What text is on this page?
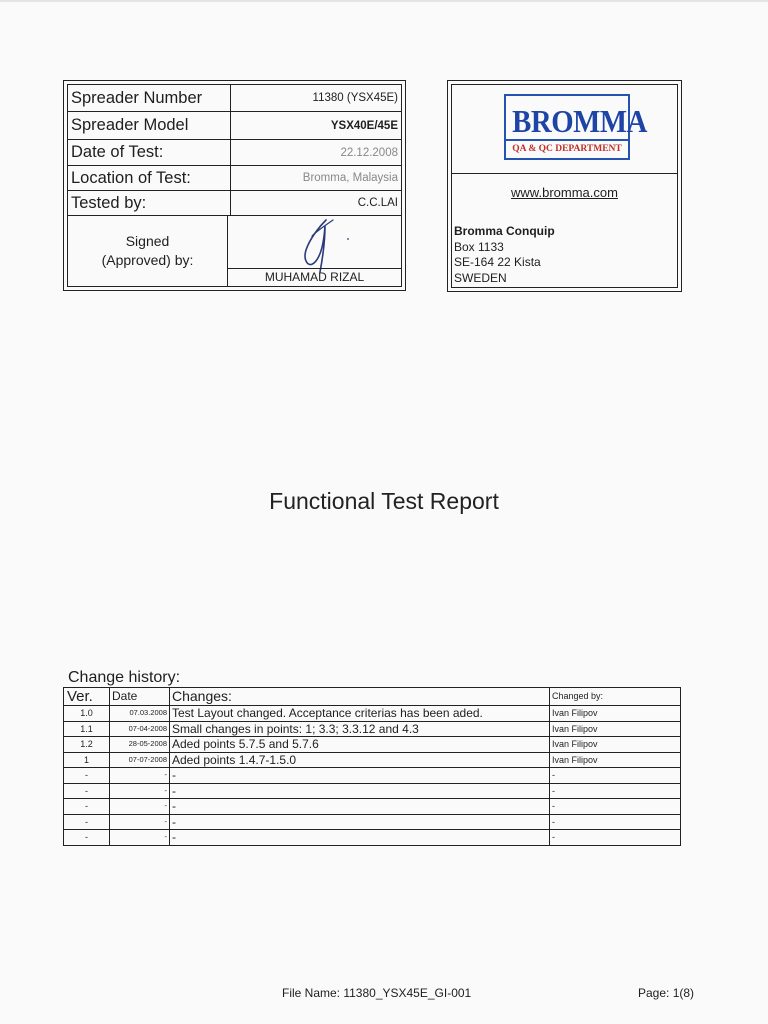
Spreader Number	11380 (YSX45E)
Spreader Model	YSX40E/45E
Date of Test:	22.12.2008
Location of Test:	Bromma, Malaysia
Tested by:	C.C.LAI
Signed
(Approved) by:
MUHAMAD RIZAL
BROMMA
QA & QC DEPARTMENT
www.bromma.com
Bromma Conquip
Box 1133
SE-164 22 Kista
SWEDEN
Functional Test Report
Change history:
Ver.	Date	Changes:	Changed by:
1.0	07.03.2008	Test Layout changed. Acceptance criterias has been aded.	Ivan Filipov
1.1	07-04-2008	Small changes in points: 1; 3.3; 3.3.12 and 4.3	Ivan Filipov
1.2	28-05-2008	Aded points 5.7.5 and 5.7.6	Ivan Filipov
1	07-07-2008	Aded points 1.4.7-1.5.0	Ivan Filipov
-	-	-	-
-	-	-	-
-	-	-	-
-	-	-	-
-	-	-	-
File Name: 11380_YSX45E_GI-001	Page: 1(8)
